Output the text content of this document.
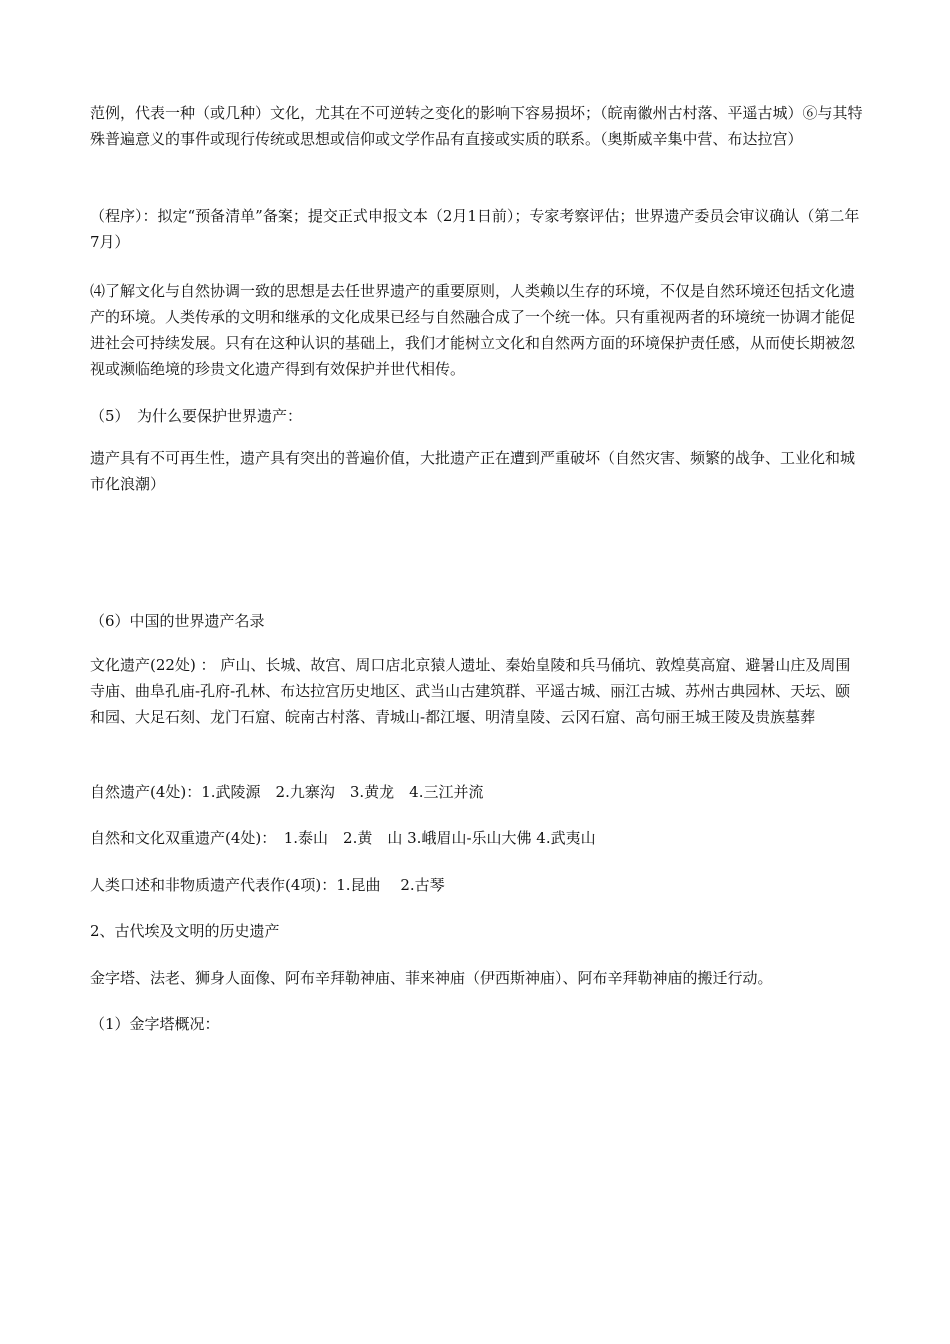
范例，代表一种（或几种）文化，尤其在不可逆转之变化的影响下容易损坏；（皖南徽州古村落、平遥古城）⑥与其特殊普遍意义的事件或现行传统或思想或信仰或文学作品有直接或实质的联系。（奥斯威辛集中营、布达拉宫）

（程序）：拟定“预备清单”备案；提交正式申报文本（2月1日前）；专家考察评估；世界遗产委员会审议确认（第二年7月）

⑷了解文化与自然协调一致的思想是去任世界遗产的重要原则，人类赖以生存的环境，不仅是自然环境还包括文化遗产的环境。人类传承的文明和继承的文化成果已经与自然融合成了一个统一体。只有重视两者的环境统一协调才能促进社会可持续发展。只有在这种认识的基础上，我们才能树立文化和自然两方面的环境保护责任感，从而使长期被忽视或濒临绝境的珍贵文化遗产得到有效保护并世代相传。

（5）　为什么要保护世界遗产：

遗产具有不可再生性，遗产具有突出的普遍价值，大批遗产正在遭到严重破坏（自然灾害、频繁的战争、工业化和城市化浪潮）

（6）中国的世界遗产名录

文化遗产(22处) ： 庐山、长城、故宫、周口店北京猿人遗址、秦始皇陵和兵马俑坑、敦煌莫高窟、避暑山庄及周围寺庙、曲阜孔庙-孔府-孔林、布达拉宫历史地区、武当山古建筑群、平遥古城、丽江古城、苏州古典园林、天坛、颐和园、大足石刻、龙门石窟、皖南古村落、青城山-都江堰、明清皇陵、云冈石窟、高句丽王城王陵及贵族墓葬

自然遗产(4处)：1.武陵源　2.九寨沟　3.黄龙　4.三江并流

自然和文化双重遗产(4处)：　1.泰山　2.黄　山 3.峨眉山-乐山大佛 4.武夷山

人类口述和非物质遗产代表作(4项)：1.昆曲　 2.古琴

2、古代埃及文明的历史遗产

金字塔、法老、狮身人面像、阿布辛拜勒神庙、菲来神庙（伊西斯神庙）、阿布辛拜勒神庙的搬迁行动。

（1）金字塔概况：
